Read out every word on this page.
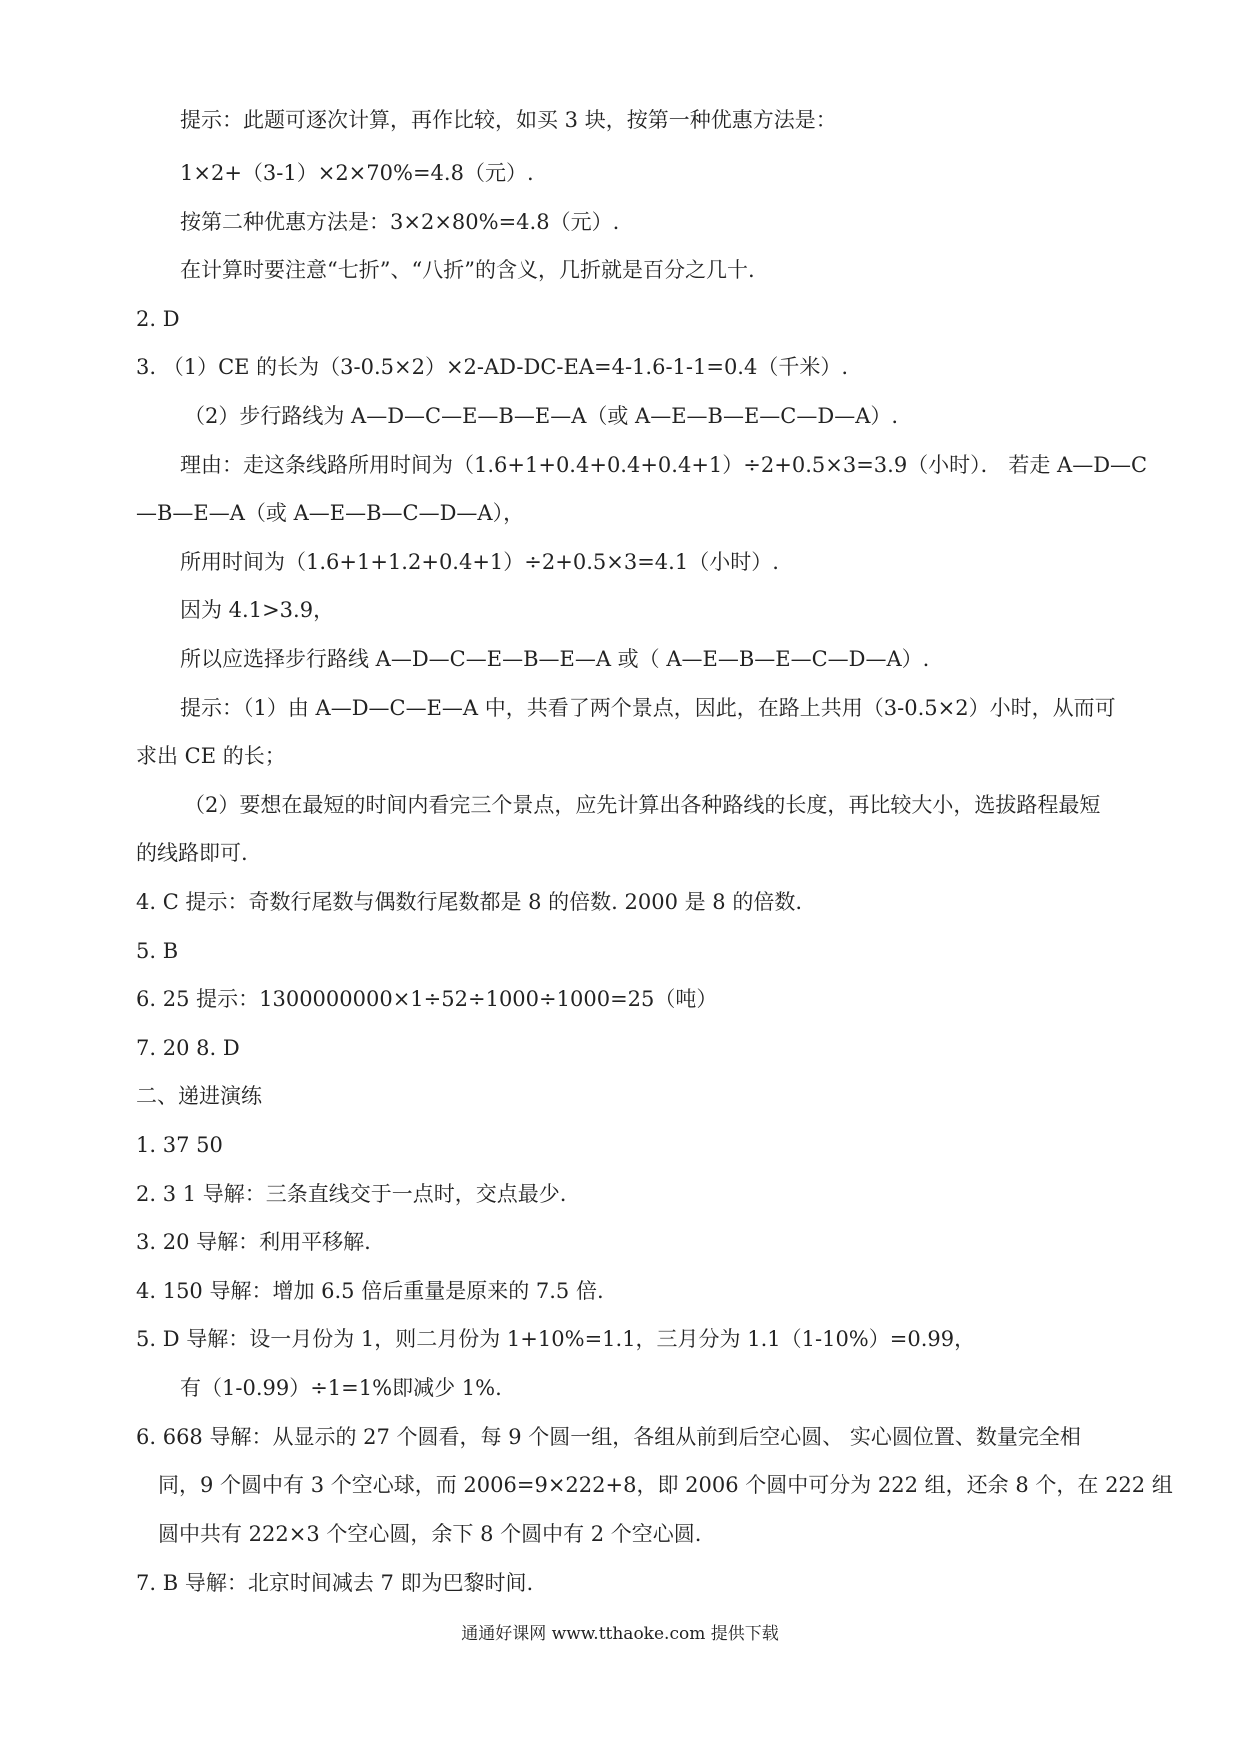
提示：此题可逐次计算，再作比较，如买 3 块，按第一种优惠方法是：
1×2+（3-1）×2×70%=4.8（元）.
按第二种优惠方法是：3×2×80%=4.8（元）.
在计算时要注意“七折”、“八折”的含义，几折就是百分之几十.
2. D
3. （1）CE 的长为（3-0.5×2）×2-AD-DC-EA=4-1.6-1-1=0.4（千米）.
（2）步行路线为 A—D—C—E—B—E—A（或 A—E—B—E—C—D—A）.
理由：走这条线路所用时间为（1.6+1+0.4+0.4+0.4+1）÷2+0.5×3=3.9（小时）． 若走 A—D—C
—B—E—A（或 A—E—B—C—D—A），
所用时间为（1.6+1+1.2+0.4+1）÷2+0.5×3=4.1（小时）.
因为 4.1>3.9，
所以应选择步行路线 A—D—C—E—B—E—A 或（ A—E—B—E—C—D—A）.
提示：（1）由 A—D—C—E—A 中，共看了两个景点，因此，在路上共用（3-0.5×2）小时，从而可
求出 CE 的长；
（2）要想在最短的时间内看完三个景点，应先计算出各种路线的长度，再比较大小，选拔路程最短
的线路即可.
4. C 提示：奇数行尾数与偶数行尾数都是 8 的倍数. 2000 是 8 的倍数.
5. B
6. 25 提示：1300000000×1÷52÷1000÷1000=25（吨）
7. 20 8. D
二、递进演练
1. 37 50
2. 3 1 导解：三条直线交于一点时，交点最少.
3. 20 导解：利用平移解.
4. 150 导解：增加 6.5 倍后重量是原来的 7.5 倍.
5. D 导解：设一月份为 1，则二月份为 1+10%=1.1，三月分为 1.1（1-10%）=0.99，
有（1-0.99）÷1=1%即减少 1%.
6. 668 导解：从显示的 27 个圆看，每 9 个圆一组，各组从前到后空心圆、 实心圆位置、数量完全相
同，9 个圆中有 3 个空心球，而 2006=9×222+8，即 2006 个圆中可分为 222 组，还余 8 个，在 222 组
圆中共有 222×3 个空心圆，余下 8 个圆中有 2 个空心圆.
7. B 导解：北京时间减去 7 即为巴黎时间.
通通好课网 www.tthaoke.com 提供下载
